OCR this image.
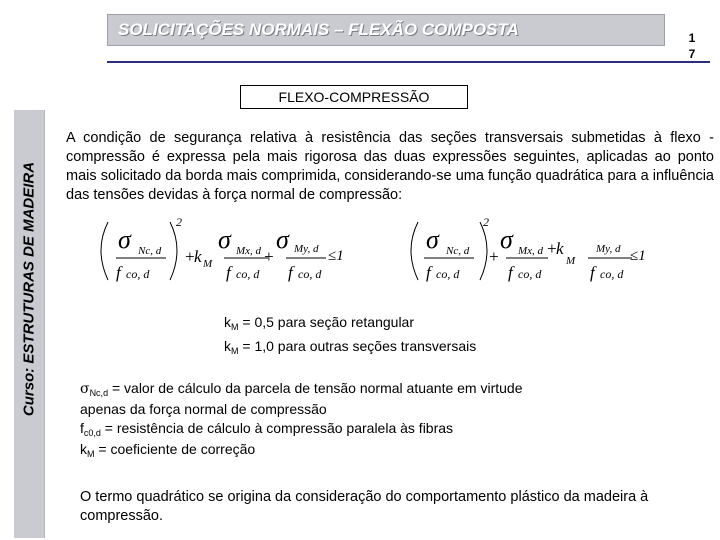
Curso: ESTRUTURAS DE MADEIRA
SOLICITAÇÕES NORMAIS – FLEXÃO COMPOSTA	1
7
FLEXO-COMPRESSÃO
A condição de segurança relativa à resistência das seções transversais submetidas à flexo -compressão é expressa pela mais rigorosa das duas expressões seguintes, aplicadas ao ponto mais solicitado da borda mais comprimida, considerando-se uma função quadrática para a influência das tensões devidas à força normal de compressão:
σ Nc, d
f co, d
2
+
k M
σ Mx, d
f co, d
+
σ My, d
f co, d
≤1
σ Nc, d
f co, d
2
+
σ Mx, d
f co, d
+
k
M
My, d
f co, d
≤1
$k_M = 0,5$ para seção retangular
$k_M = 1,0$ para outras seções transversais
$\sigma_{Nc,d}$ = valor de cálculo da parcela de tensão normal atuante em virtude apenas da força normal de compressão
$f_{c0,d}$ = resistência de cálculo à compressão paralela às fibras
$k_M$ = coeficiente de correção
O termo quadrático se origina da consideração do comportamento plástico da madeira à compressão.
